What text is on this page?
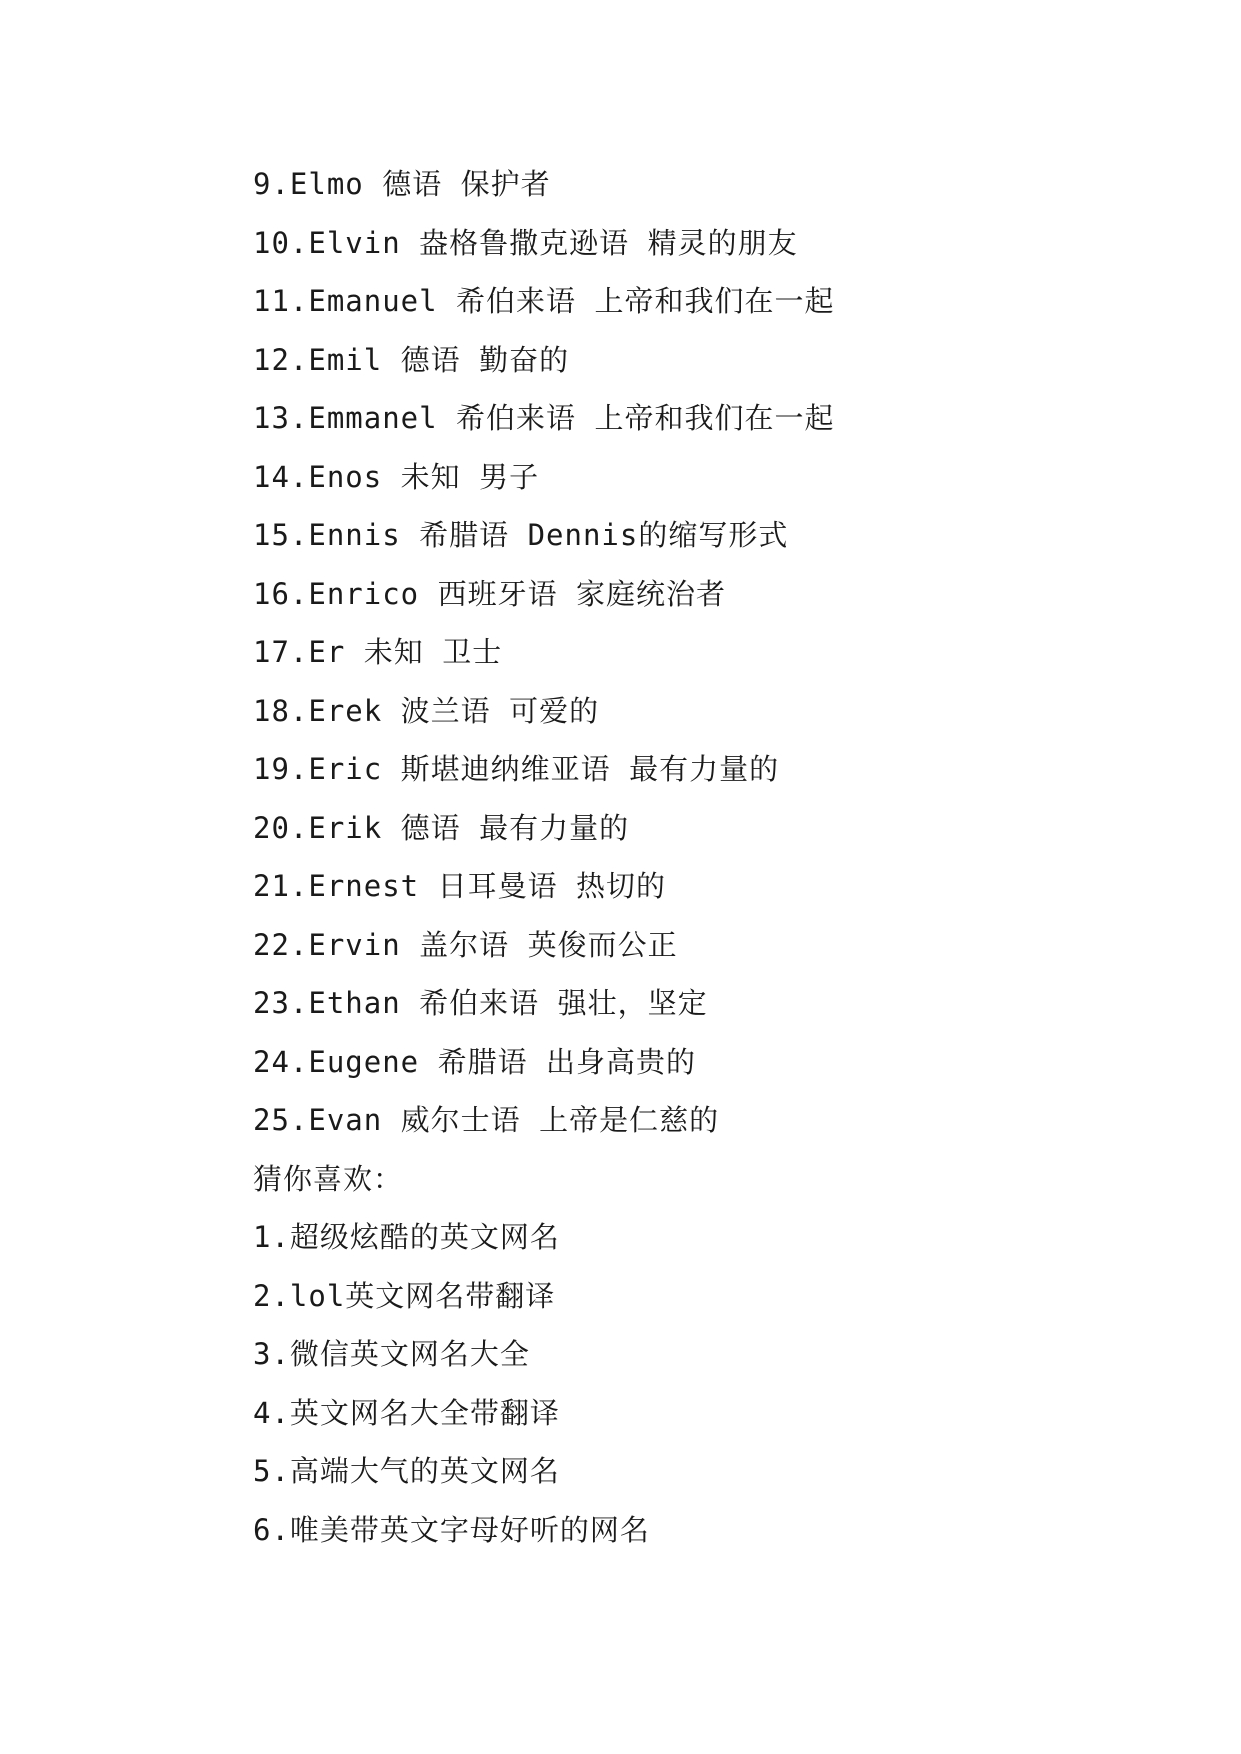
9.Elmo 德语 保护者
10.Elvin 盎格鲁撒克逊语 精灵的朋友
11.Emanuel 希伯来语 上帝和我们在一起
12.Emil 德语 勤奋的
13.Emmanel 希伯来语 上帝和我们在一起
14.Enos 未知 男子
15.Ennis 希腊语 Dennis的缩写形式
16.Enrico 西班牙语 家庭统治者
17.Er 未知 卫士
18.Erek 波兰语 可爱的
19.Eric 斯堪迪纳维亚语 最有力量的
20.Erik 德语 最有力量的
21.Ernest 日耳曼语 热切的
22.Ervin 盖尔语 英俊而公正
23.Ethan 希伯来语 强壮，坚定
24.Eugene 希腊语 出身高贵的
25.Evan 威尔士语 上帝是仁慈的
猜你喜欢：
1.超级炫酷的英文网名
2.lol英文网名带翻译
3.微信英文网名大全
4.英文网名大全带翻译
5.高端大气的英文网名
6.唯美带英文字母好听的网名
